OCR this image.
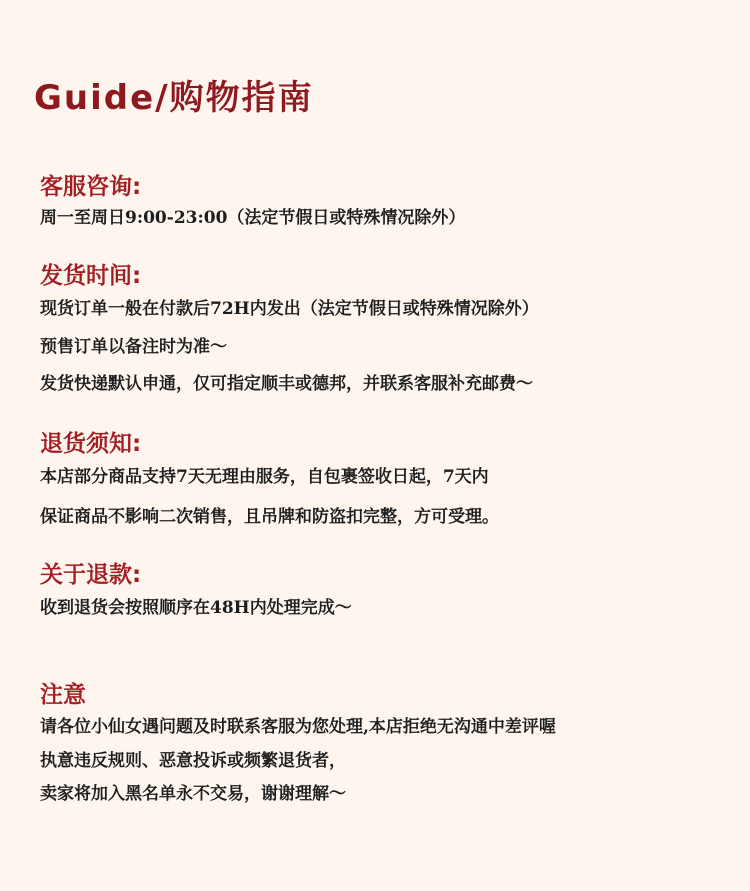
Guide/购物指南
客服咨询:
周一至周日9:00-23:00（法定节假日或特殊情况除外）
发货时间:
现货订单一般在付款后72H内发出（法定节假日或特殊情况除外）
预售订单以备注时为准～
发货快递默认申通，仅可指定顺丰或德邦，并联系客服补充邮费～
退货须知:
本店部分商品支持7天无理由服务，自包裹签收日起，7天内
保证商品不影响二次销售，且吊牌和防盗扣完整，方可受理。
关于退款:
收到退货会按照顺序在48H内处理完成～
注意
请各位小仙女遇问题及时联系客服为您处理,本店拒绝无沟通中差评喔
执意违反规则、恶意投诉或频繁退货者，
卖家将加入黑名单永不交易，谢谢理解～
